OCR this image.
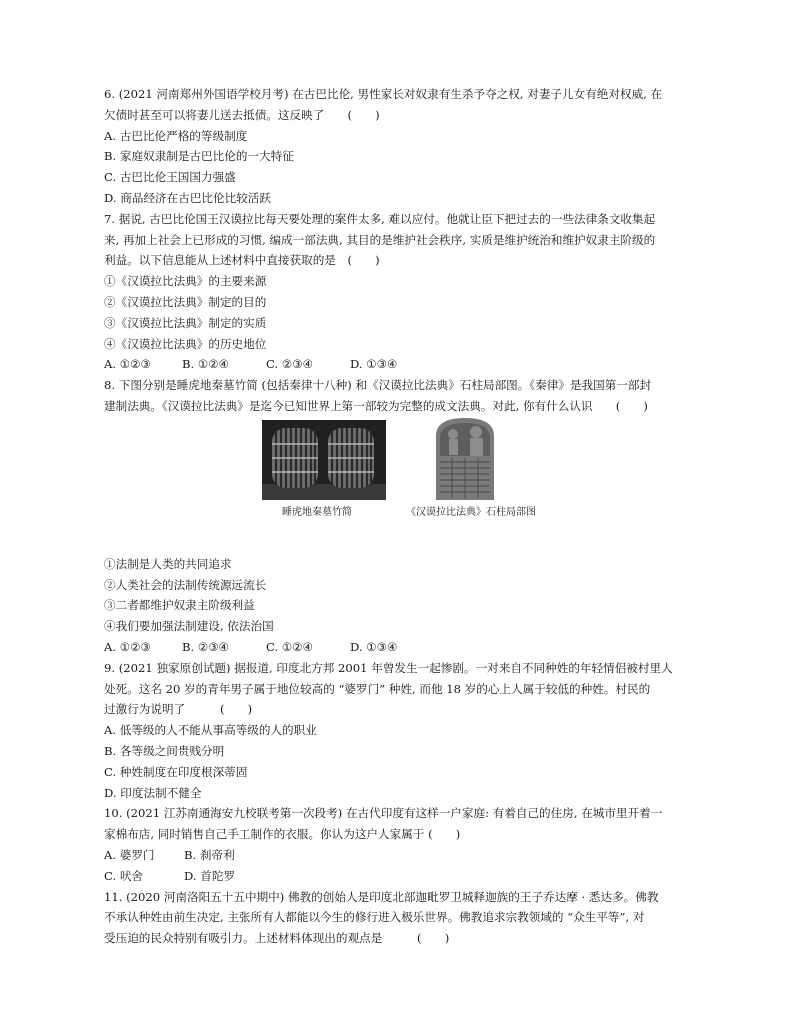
6. (2021 河南郑州外国语学校月考) 在古巴比伦, 男性家长对奴隶有生杀予夺之权, 对妻子儿女有绝对权威, 在
欠债时甚至可以将妻儿送去抵债。这反映了　　(　　)
A. 古巴比伦严格的等级制度
B. 家庭奴隶制是古巴比伦的一大特征
C. 古巴比伦王国国力强盛
D. 商品经济在古巴比伦比较活跃
7. 据说, 古巴比伦国王汉谟拉比每天要处理的案件太多, 难以应付。他就让臣下把过去的一些法律条文收集起
来, 再加上社会上已形成的习惯, 编成一部法典, 其目的是维护社会秩序, 实质是维护统治和维护奴隶主阶级的
利益。以下信息能从上述材料中直接获取的是　(　　)
①《汉谟拉比法典》的主要来源
②《汉谟拉比法典》制定的目的
③《汉谟拉比法典》制定的实质
④《汉谟拉比法典》的历史地位
A. ①②③	B. ①②④	C. ②③④	D. ①③④
8. 下图分别是睡虎地秦墓竹简 (包括秦律十八种) 和《汉谟拉比法典》石柱局部图。《秦律》是我国第一部封
建制法典。《汉谟拉比法典》是迄今已知世界上第一部较为完整的成文法典。对此, 你有什么认识　　(　　)
睡虎地秦墓竹简	《汉谟拉比法典》石柱局部图
①法制是人类的共同追求
②人类社会的法制传统源远流长
③二者都维护奴隶主阶级利益
④我们要加强法制建设, 依法治国
A. ①②③	B. ②③④	C. ①②④	D. ①③④
9. (2021 独家原创试题) 据报道, 印度北方邦 2001 年曾发生一起惨剧。一对来自不同种姓的年轻情侣被村里人
处死。这名 20 岁的青年男子属于地位较高的 “婆罗门” 种姓, 而他 18 岁的心上人属于较低的种姓。村民的
过激行为说明了　　　(　　)
A. 低等级的人不能从事高等级的人的职业
B. 各等级之间贵贱分明
C. 种姓制度在印度根深蒂固
D. 印度法制不健全
10. (2021 江苏南通海安九校联考第一次段考) 在古代印度有这样一户家庭: 有着自己的住房, 在城市里开着一
家棉布店, 同时销售自己手工制作的衣服。你认为这户人家属于 (　　)
A. 婆罗门	B. 刹帝利
C. 吠舍	D. 首陀罗
11. (2020 河南洛阳五十五中期中) 佛教的创始人是印度北部迦毗罗卫城释迦族的王子乔达摩 · 悉达多。佛教
不承认种姓由前生决定, 主张所有人都能以今生的修行进入极乐世界。佛教追求宗教领域的 “众生平等”, 对
受压迫的民众特别有吸引力。上述材料体现出的观点是　　　(　　)
